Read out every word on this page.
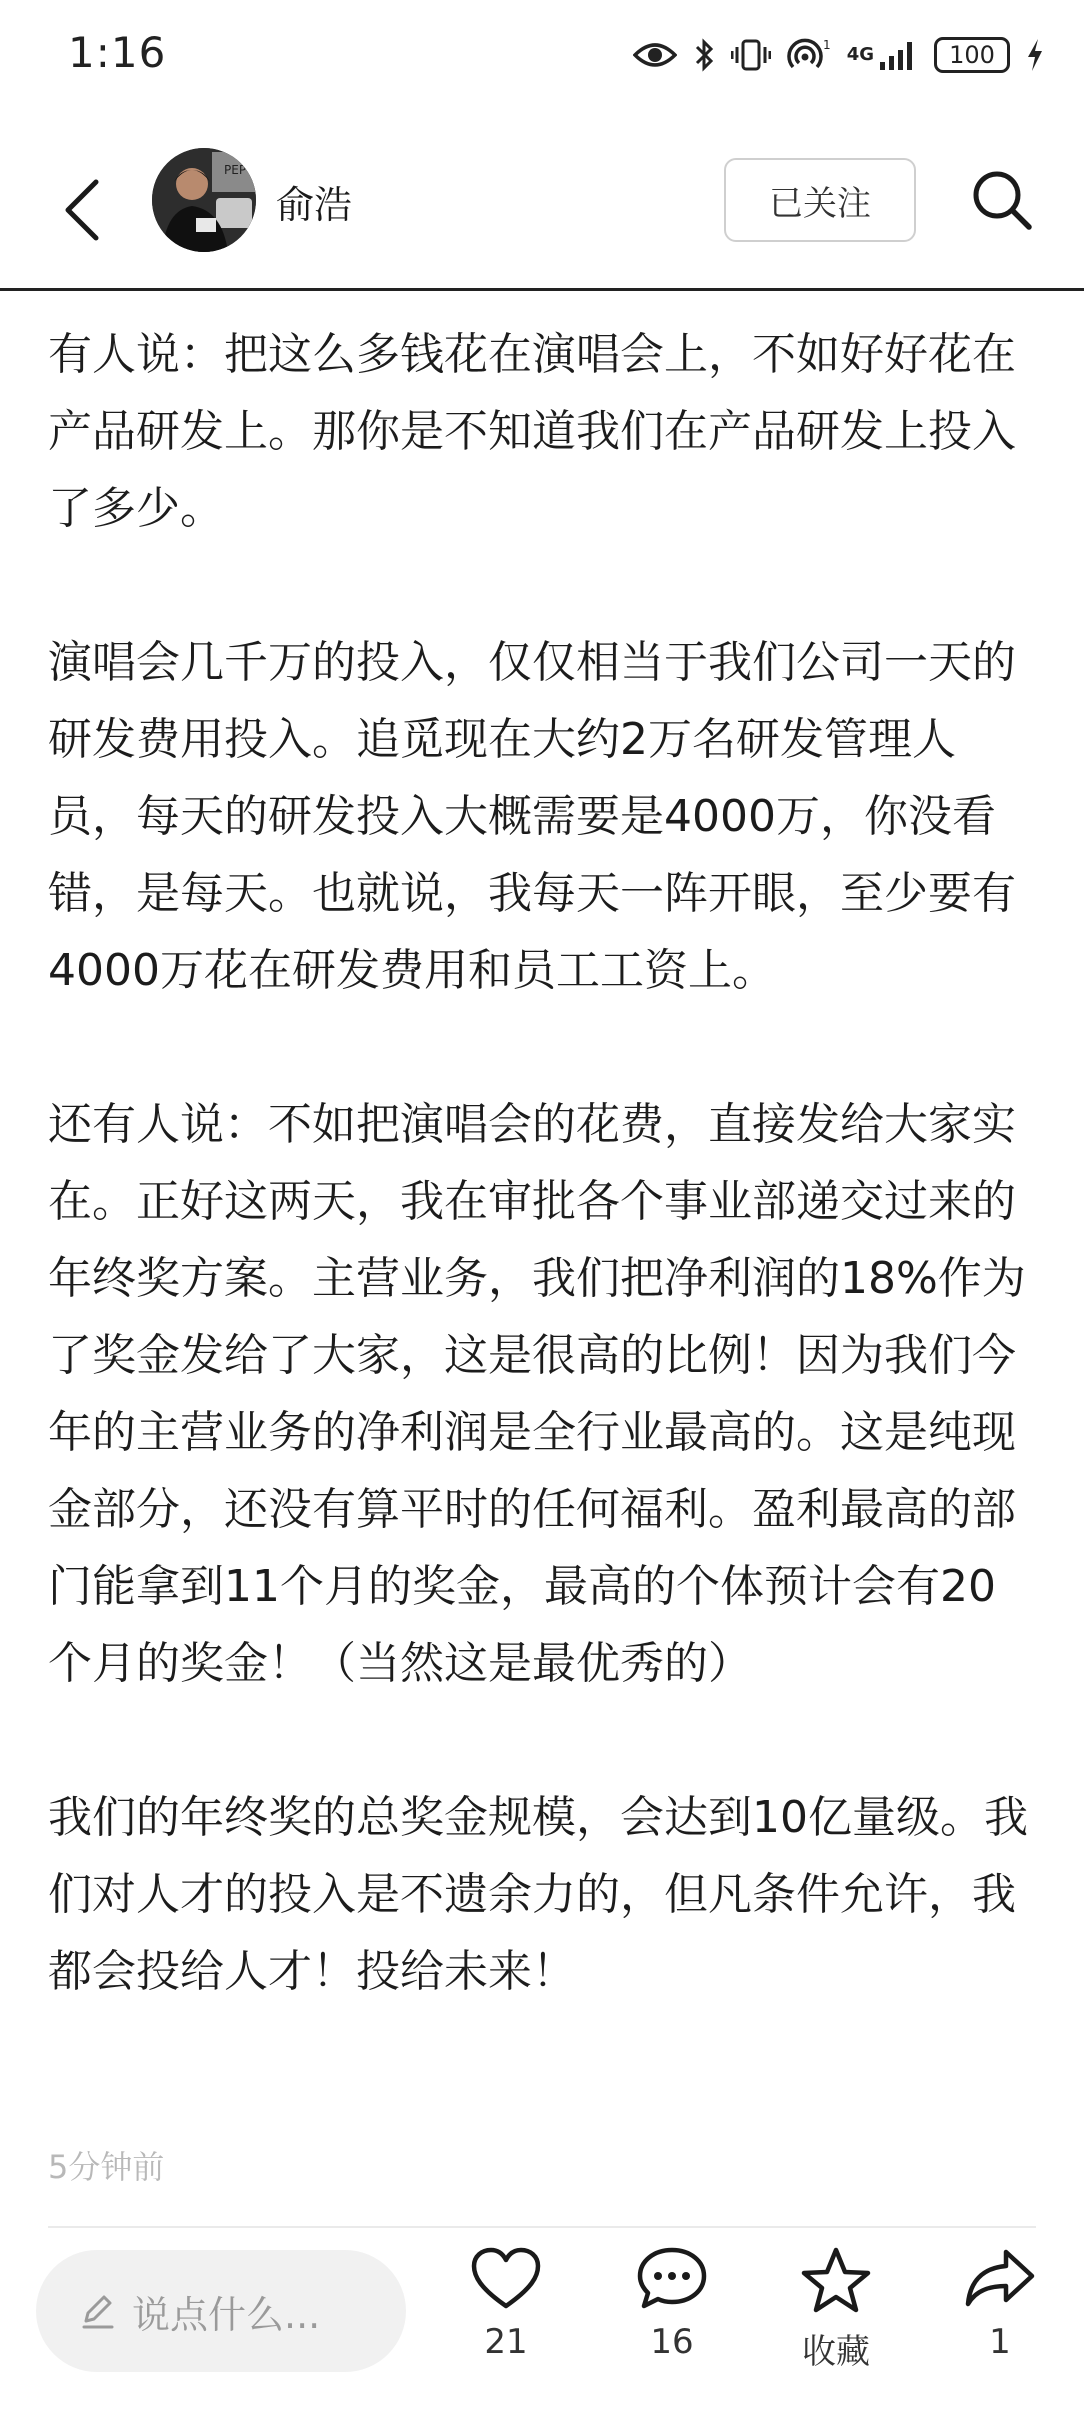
1:16	1 4G	100
PEP
俞浩	已关注

有人说：把这么多钱花在演唱会上，不如好好花在产品研发上。那你是不知道我们在产品研发上投入了多少。

演唱会几千万的投入，仅仅相当于我们公司一天的研发费用投入。追觅现在大约2万名研发管理人员，每天的研发投入大概需要是4000万，你没看错，是每天。也就说，我每天一阵开眼，至少要有4000万花在研发费用和员工工资上。

还有人说：不如把演唱会的花费，直接发给大家实在。正好这两天，我在审批各个事业部递交过来的年终奖方案。主营业务，我们把净利润的18%作为了奖金发给了大家，这是很高的比例！因为我们今年的主营业务的净利润是全行业最高的。这是纯现金部分，还没有算平时的任何福利。盈利最高的部门能拿到11个月的奖金，最高的个体预计会有20个月的奖金！（当然这是最优秀的）

我们的年终奖的总奖金规模，会达到10亿量级。我们对人才的投入是不遗余力的，但凡条件允许，我都会投给人才！投给未来！

5分钟前
说点什么...
21	16	收藏	1
